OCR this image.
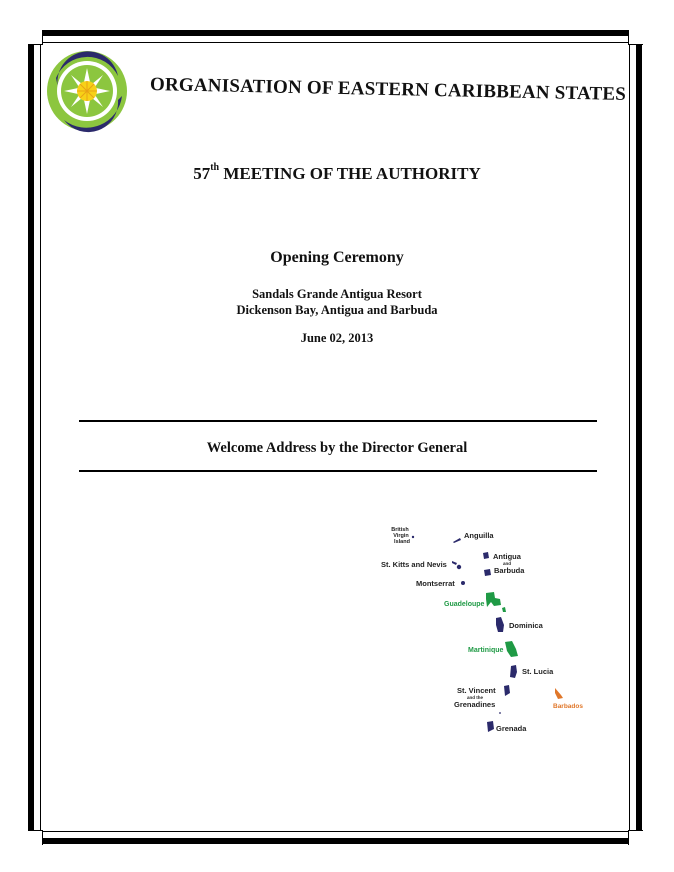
ORGANISATION OF EASTERN CARIBBEAN STATES
57th MEETING OF THE AUTHORITY
Opening Ceremony
Sandals Grande Antigua Resort
Dickenson Bay, Antigua and Barbuda
June 02, 2013
Welcome Address by the Director General
British
Virgin
Island
Anguilla
Antigua
and
Barbuda
St. Kitts and Nevis
Montserrat
Guadeloupe
Dominica
Martinique
St. Lucia
St. Vincent
and the
Grenadines	Barbados
Grenada
